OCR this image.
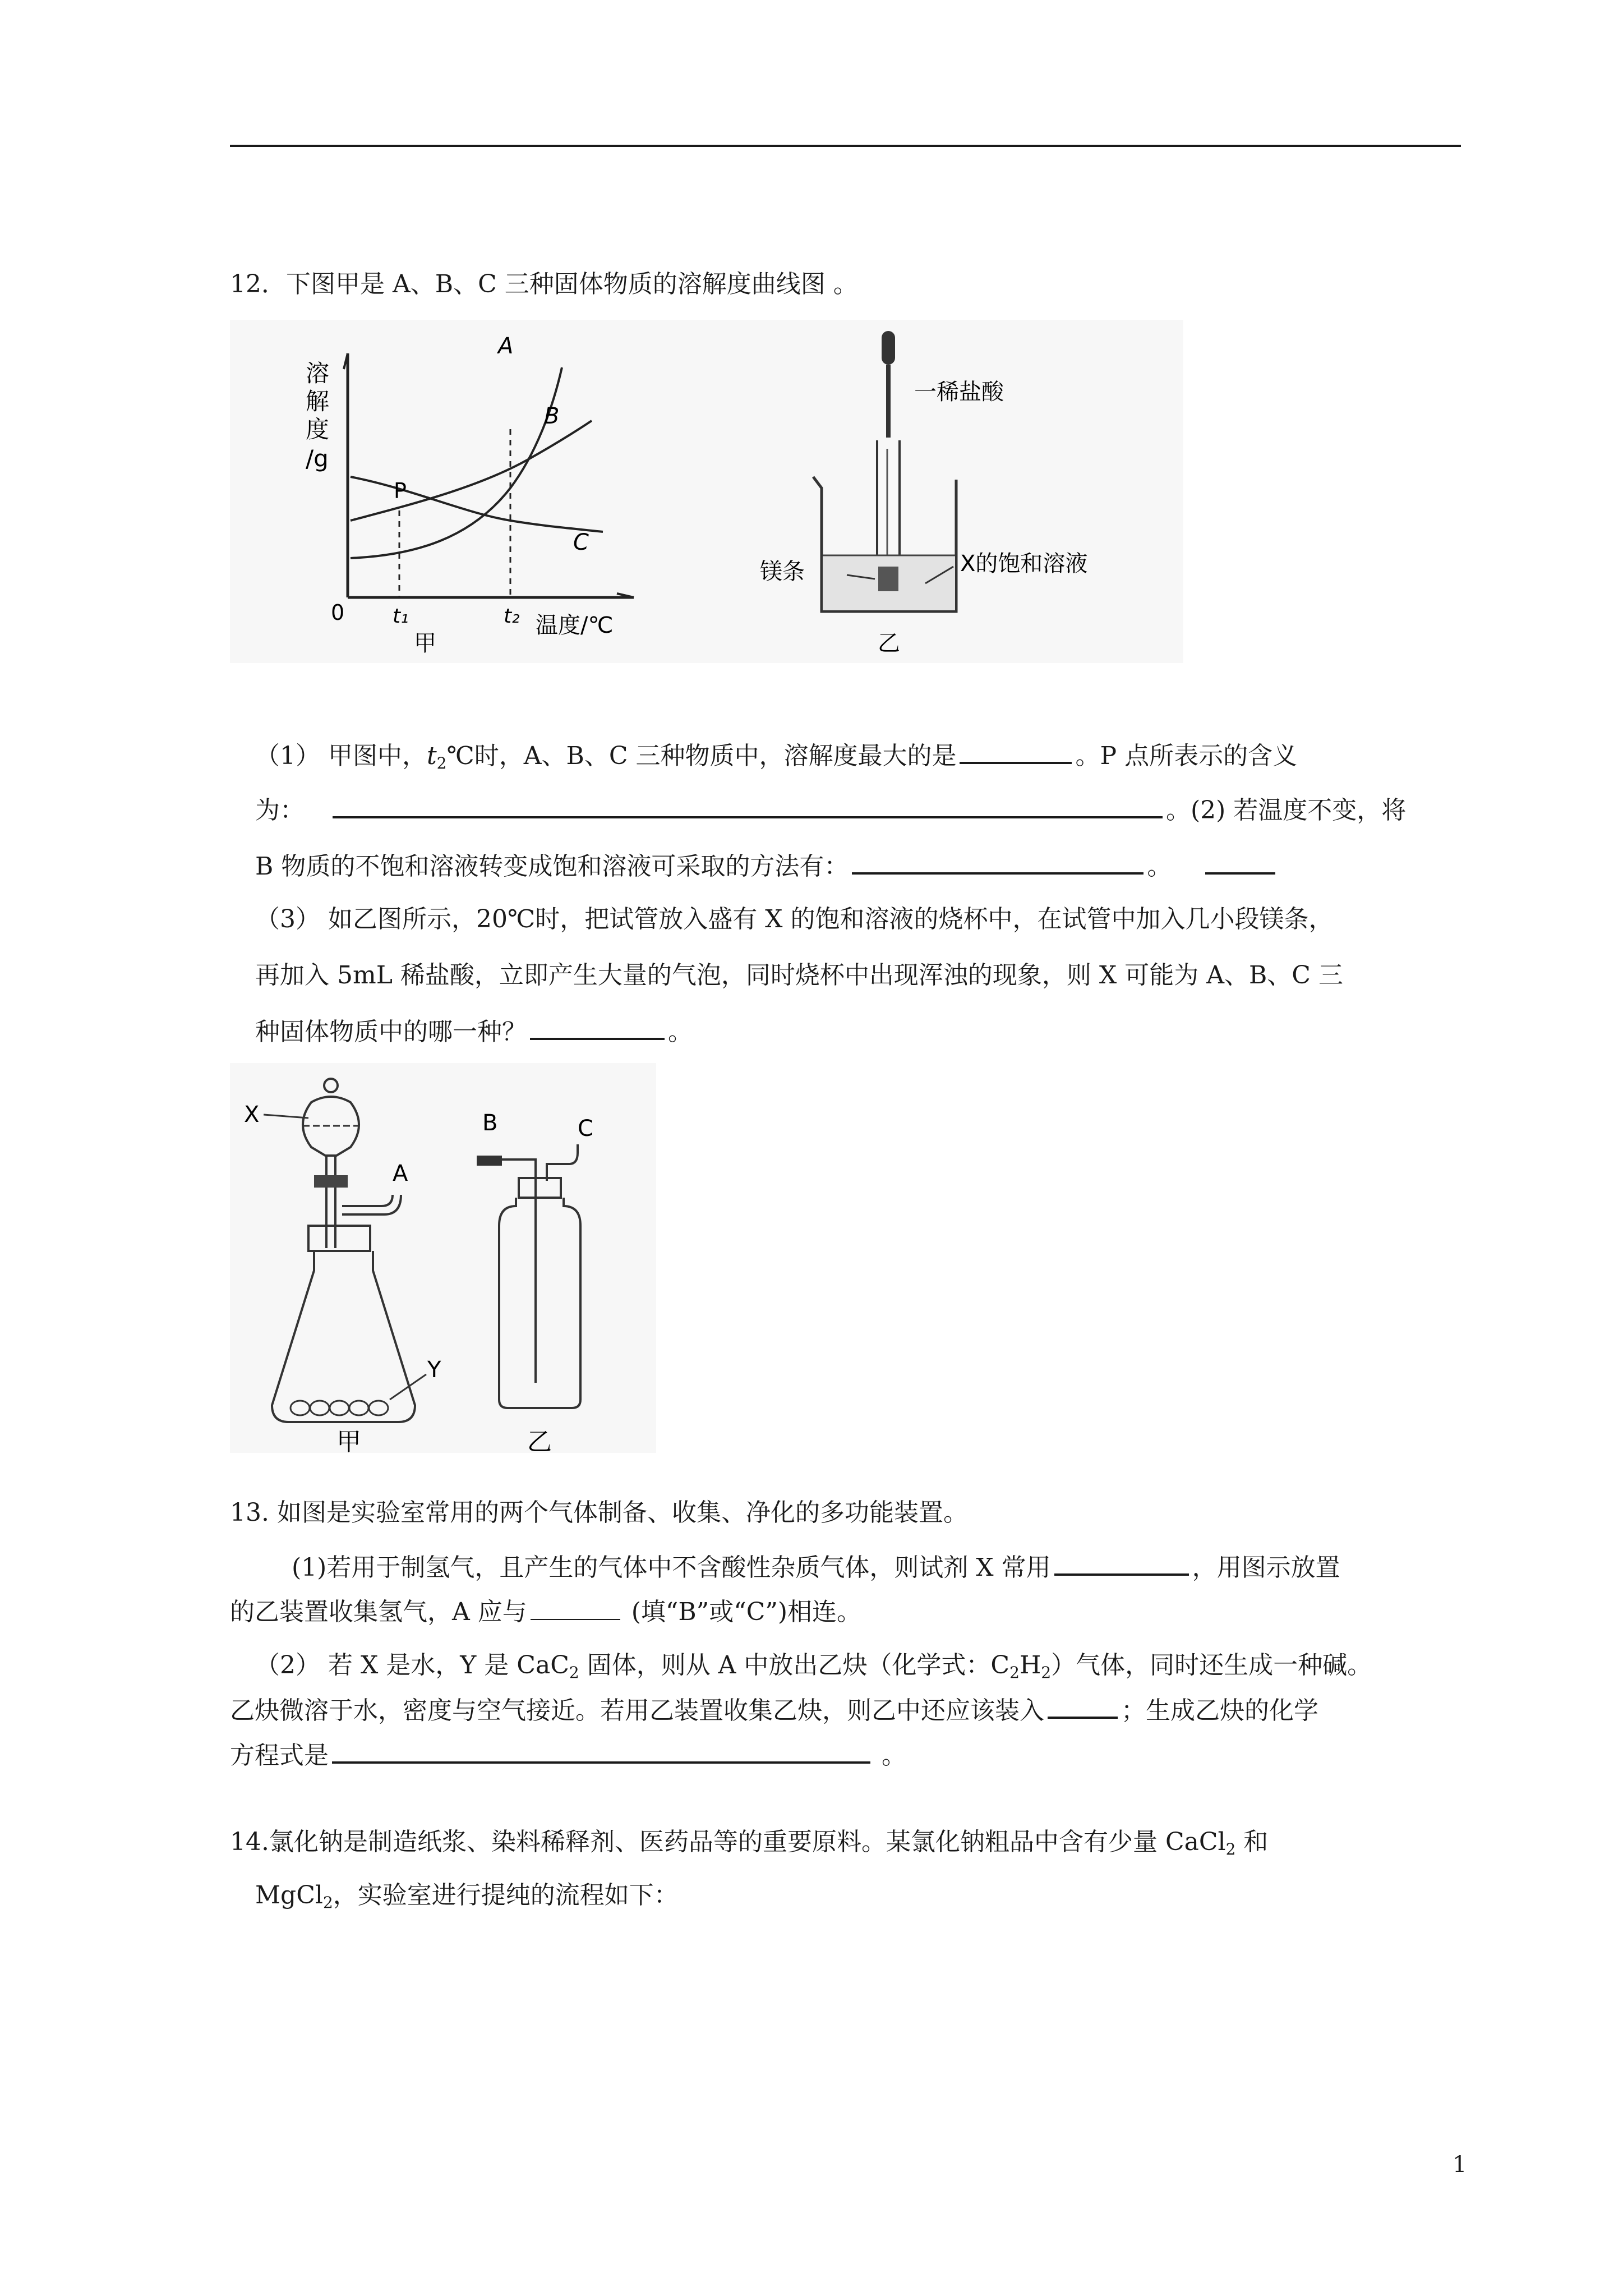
12．下图甲是 A、B、C 三种固体物质的溶解度曲线图 。
溶
解
度
/g
P
A
B
C
0 t₁	t₂ 温度/℃
甲
一稀盐酸
镁条	X的饱和溶液
乙
（1） 甲图中，$t_2℃$时，A、B、C 三种物质中，溶解度最大的是	。P 点所表示的含义
为：	。(2) 若温度不变，将
B 物质的不饱和溶液转变成饱和溶液可采取的方法有：	。
（3） 如乙图所示，20℃时，把试管放入盛有 X 的饱和溶液的烧杯中，在试管中加入几小段镁条，
再加入 5mL 稀盐酸，立即产生大量的气泡，同时烧杯中出现浑浊的现象，则 X 可能为 A、B、C 三
种固体物质中的哪一种？	。
X
A
Y
甲
B	C
乙
13. 如图是实验室常用的两个气体制备、收集、净化的多功能装置。
(1)若用于制氢气，且产生的气体中不含酸性杂质气体，则试剂 X 常用	，用图示放置
的乙装置收集氢气，A 应与	(填“B”或“C”)相连。
（2） 若 X 是水，Y 是 CaC$_2$ 固体，则从 A 中放出乙炔（化学式：$C_2H_2$）气体，同时还生成一种碱。
乙炔微溶于水，密度与空气接近。若用乙装置收集乙炔，则乙中还应该装入	；生成乙炔的化学
方程式是	。
14.氯化钠是制造纸浆、染料稀释剂、医药品等的重要原料。某氯化钠粗品中含有少量 CaCl$_2$ 和
MgCl$_2$，实验室进行提纯的流程如下：
1
